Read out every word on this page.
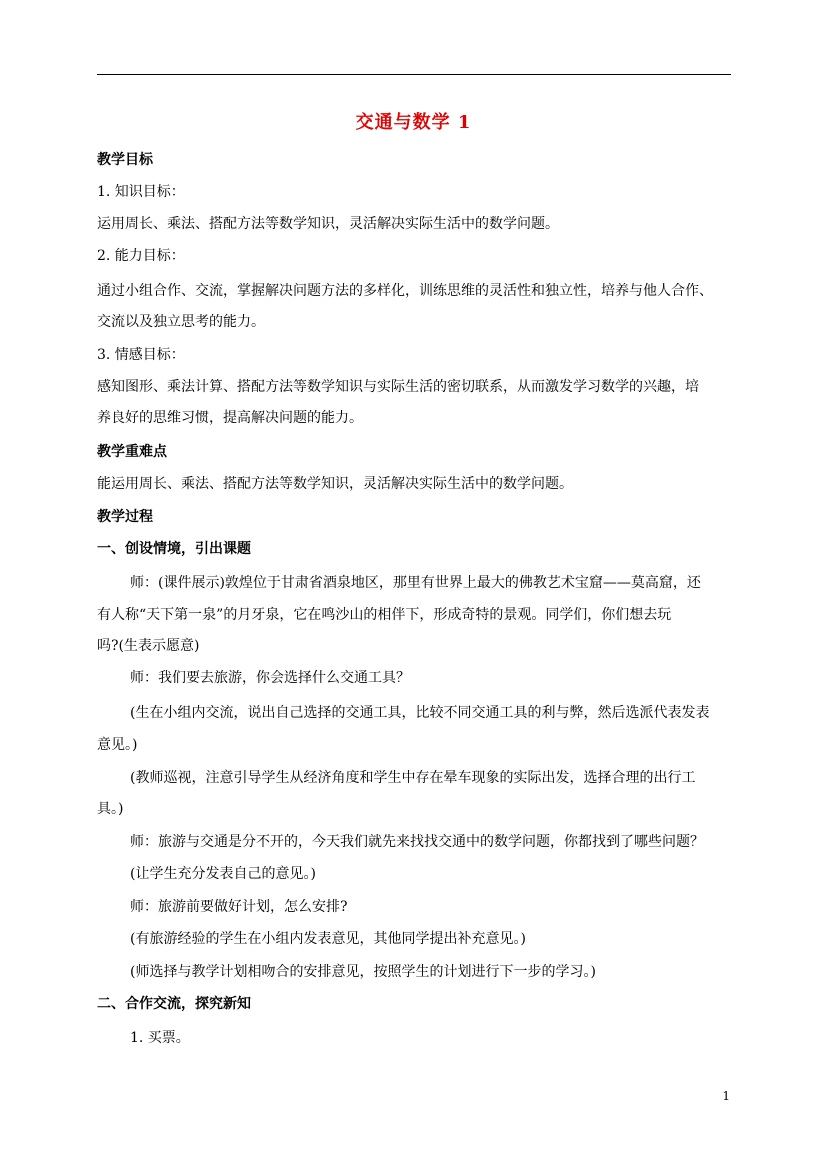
交通与数学 1
教学目标
1. 知识目标：
运用周长、乘法、搭配方法等数学知识，灵活解决实际生活中的数学问题。
2. 能力目标：
通过小组合作、交流，掌握解决问题方法的多样化，训练思维的灵活性和独立性，培养与他人合作、
交流以及独立思考的能力。
3. 情感目标：
感知图形、乘法计算、搭配方法等数学知识与实际生活的密切联系，从而激发学习数学的兴趣，培
养良好的思维习惯，提高解决问题的能力。
教学重难点
能运用周长、乘法、搭配方法等数学知识，灵活解决实际生活中的数学问题。
教学过程
一、创设情境，引出课题
师：(课件展示)敦煌位于甘肃省酒泉地区，那里有世界上最大的佛教艺术宝窟——莫高窟，还
有人称“天下第一泉”的月牙泉，它在鸣沙山的相伴下，形成奇特的景观。同学们，你们想去玩
吗?(生表示愿意)
师：我们要去旅游，你会选择什么交通工具？
(生在小组内交流，说出自己选择的交通工具，比较不同交通工具的利与弊，然后选派代表发表
意见。)
(教师巡视，注意引导学生从经济角度和学生中存在晕车现象的实际出发，选择合理的出行工
具。)
师：旅游与交通是分不开的，今天我们就先来找找交通中的数学问题，你都找到了哪些问题？
(让学生充分发表自己的意见。)
师：旅游前要做好计划，怎么安排?
(有旅游经验的学生在小组内发表意见，其他同学提出补充意见。)
(师选择与教学计划相吻合的安排意见，按照学生的计划进行下一步的学习。)
二、合作交流，探究新知
1. 买票。
1
